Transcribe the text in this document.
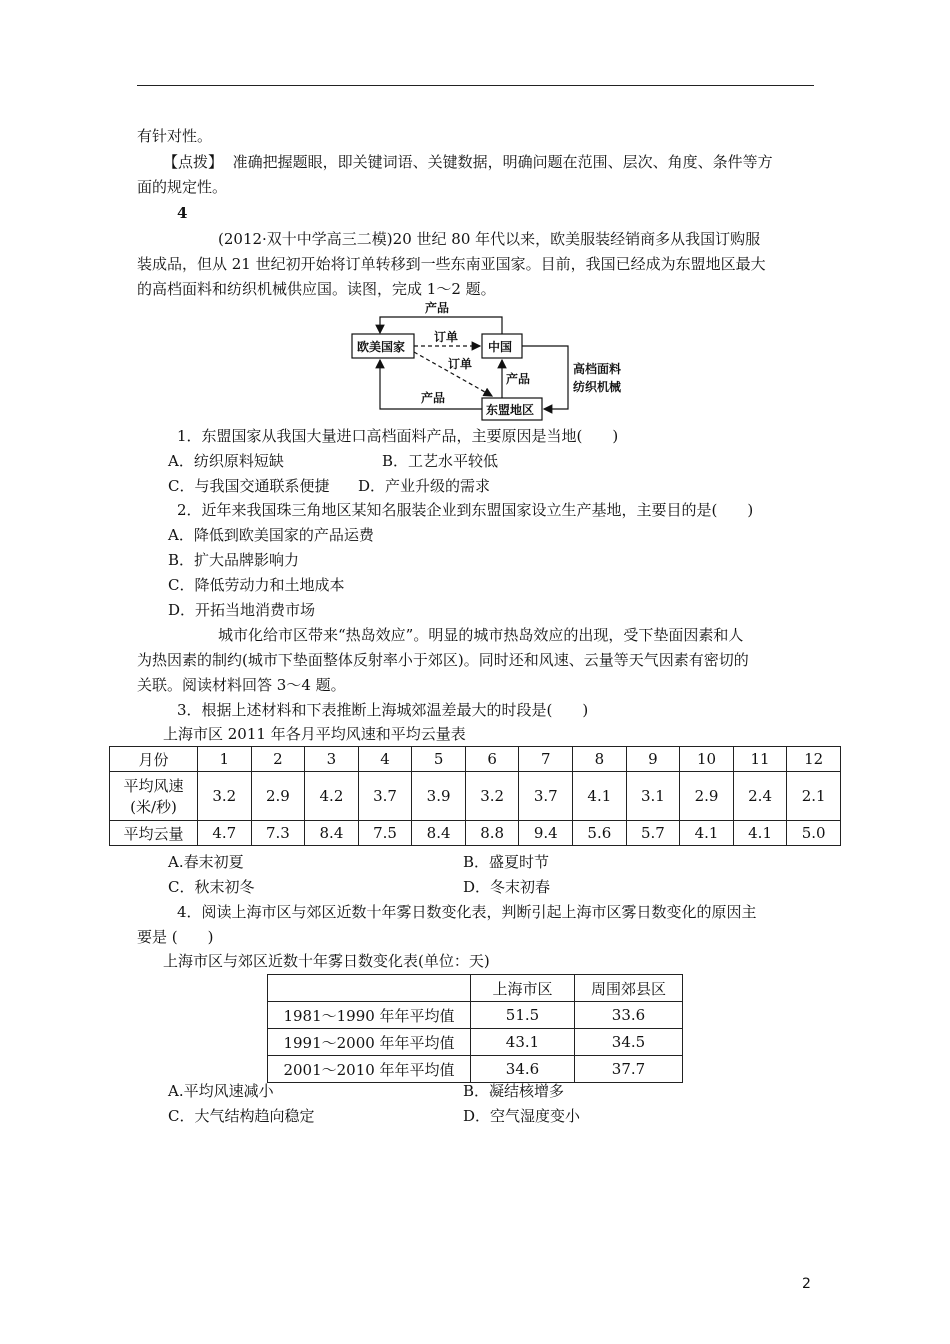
有针对性。
【点拨】 准确把握题眼，即关键词语、关键数据，明确问题在范围、层次、角度、条件等方
面的规定性。
4
(2012·双十中学高三二模)20 世纪 80 年代以来，欧美服装经销商多从我国订购服
装成品，但从 21 世纪初开始将订单转移到一些东南亚国家。目前，我国已经成为东盟地区最大
的高档面料和纺织机械供应国。读图，完成 1～2 题。
欧美国家	中国
东盟地区
产品
订单
订单
产品
产品
高档面料
纺织机械
1．东盟国家从我国大量进口高档面料产品，主要原因是当地(　　)
A．纺织原料短缺	B．工艺水平较低
C．与我国交通联系便捷 D．产业升级的需求
2．近年来我国珠三角地区某知名服装企业到东盟国家设立生产基地，主要目的是(　　)
A．降低到欧美国家的产品运费
B．扩大品牌影响力
C．降低劳动力和土地成本
D．开拓当地消费市场
城市化给市区带来“热岛效应”。明显的城市热岛效应的出现，受下垫面因素和人
为热因素的制约(城市下垫面整体反射率小于郊区)。同时还和风速、云量等天气因素有密切的
关联。阅读材料回答 3～4 题。
3．根据上述材料和下表推断上海城郊温差最大的时段是(　　)
上海市区 2011 年各月平均风速和平均云量表
月份	1	2	3	4	5	6	7	8	9	10	11	12
平均风速
(米/秒)	3.2	2.9	4.2	3.7	3.9	3.2	3.7	4.1	3.1	2.9	2.4	2.1
平均云量	4.7	7.3	8.4	7.5	8.4	8.8	9.4	5.6	5.7	4.1	4.1	5.0
A.春末初夏	B．盛夏时节
C．秋末初冬	D．冬末初春
4．阅读上海市区与郊区近数十年雾日数变化表，判断引起上海市区雾日数变化的原因主
要是 (　　)
上海市区与郊区近数十年雾日数变化表(单位：天)
	上海市区	周围郊县区
1981～1990 年年平均值	51.5	33.6
1991～2000 年年平均值	43.1	34.5
2001～2010 年年平均值	34.6	37.7
A.平均风速减小	B．凝结核增多
C．大气结构趋向稳定	D．空气湿度变小
2
